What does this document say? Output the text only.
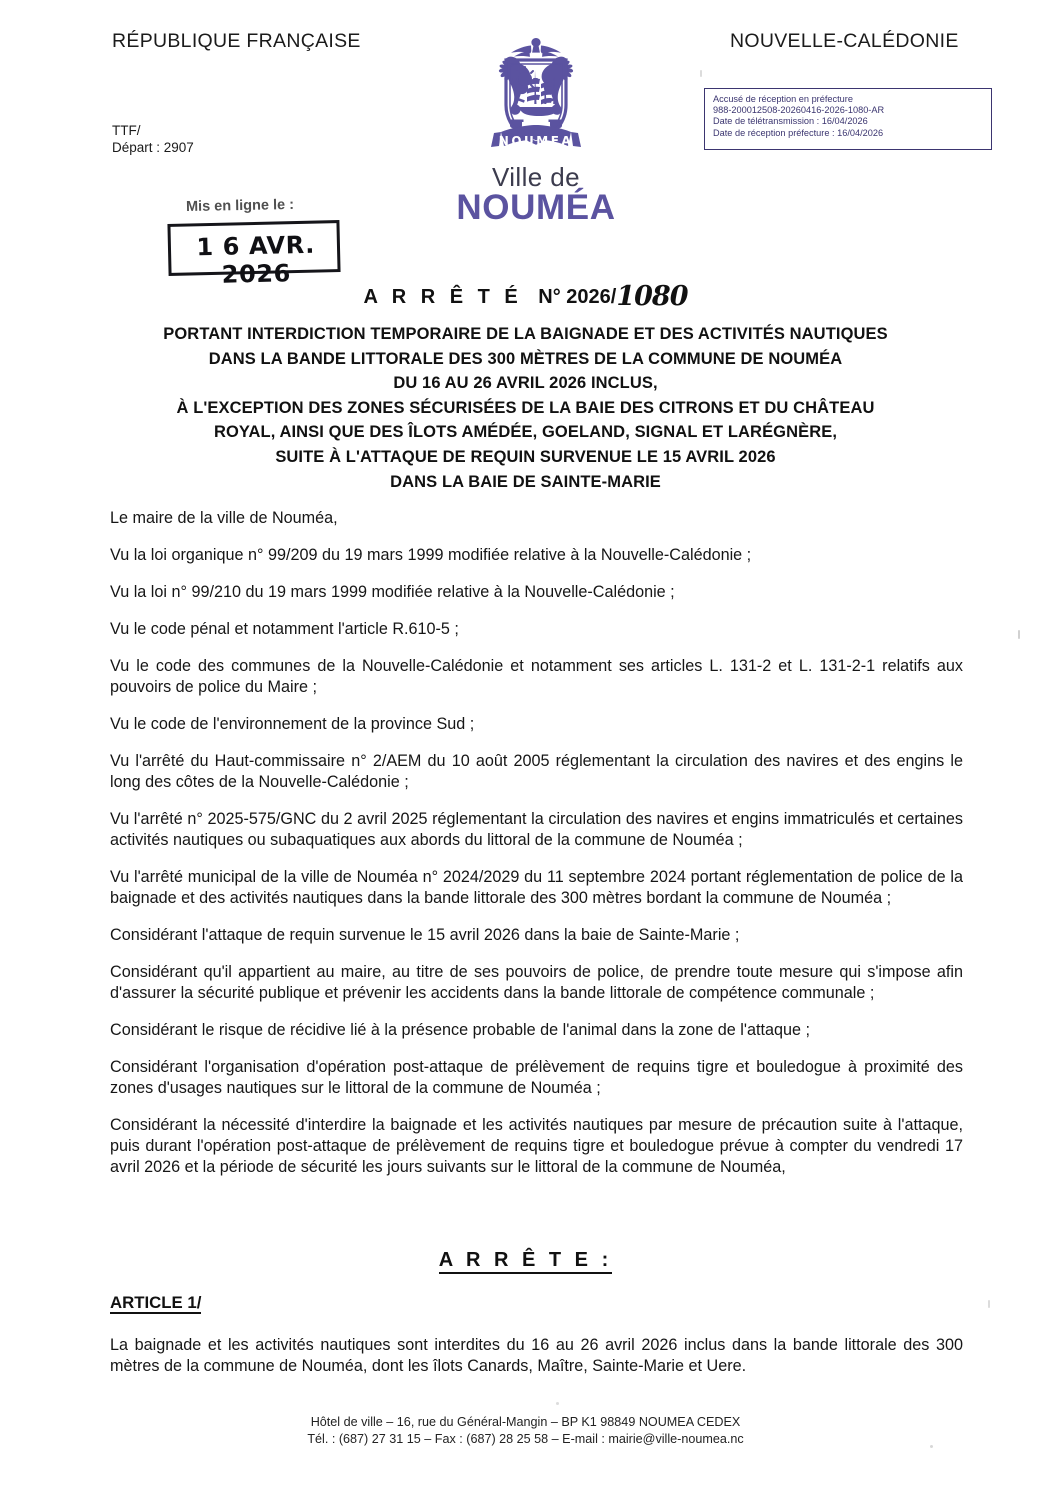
RÉPUBLIQUE FRANÇAISE	NOUVELLE-CALÉDONIE
TTF/
Départ : 2907
Accusé de réception en préfecture
988-200012508-20260416-2026-1080-AR
Date de télétransmission : 16/04/2026
Date de réception préfecture : 16/04/2026
NOUMEA
Ville de
NOUMÉA
Mis en ligne le :
1 6 AVR. 2026
A R R Ê T É N° 2026/1080
PORTANT INTERDICTION TEMPORAIRE DE LA BAIGNADE ET DES ACTIVITÉS NAUTIQUES
DANS LA BANDE LITTORALE DES 300 MÈTRES DE LA COMMUNE DE NOUMÉA
DU 16 AU 26 AVRIL 2026 INCLUS,
À L'EXCEPTION DES ZONES SÉCURISÉES DE LA BAIE DES CITRONS ET DU CHÂTEAU
ROYAL, AINSI QUE DES ÎLOTS AMÉDÉE, GOELAND, SIGNAL ET LARÉGNÈRE,
SUITE À L'ATTAQUE DE REQUIN SURVENUE LE 15 AVRIL 2026
DANS LA BAIE DE SAINTE-MARIE

Le maire de la ville de Nouméa,

Vu la loi organique n° 99/209 du 19 mars 1999 modifiée relative à la Nouvelle-Calédonie ;

Vu la loi n° 99/210 du 19 mars 1999 modifiée relative à la Nouvelle-Calédonie ;

Vu le code pénal et notamment l'article R.610-5 ;

Vu le code des communes de la Nouvelle-Calédonie et notamment ses articles L. 131-2 et L. 131-2-1 relatifs aux pouvoirs de police du Maire ;

Vu le code de l'environnement de la province Sud ;

Vu l'arrêté du Haut-commissaire n° 2/AEM du 10 août 2005 réglementant la circulation des navires et des engins le long des côtes de la Nouvelle-Calédonie ;

Vu l'arrêté n° 2025-575/GNC du 2 avril 2025 réglementant la circulation des navires et engins immatriculés et certaines activités nautiques ou subaquatiques aux abords du littoral de la commune de Nouméa ;

Vu l'arrêté municipal de la ville de Nouméa n° 2024/2029 du 11 septembre 2024 portant réglementation de police de la baignade et des activités nautiques dans la bande littorale des 300 mètres bordant la commune de Nouméa ;

Considérant l'attaque de requin survenue le 15 avril 2026 dans la baie de Sainte-Marie ;

Considérant qu'il appartient au maire, au titre de ses pouvoirs de police, de prendre toute mesure qui s'impose afin d'assurer la sécurité publique et prévenir les accidents dans la bande littorale de compétence communale ;

Considérant le risque de récidive lié à la présence probable de l'animal dans la zone de l'attaque ;

Considérant l'organisation d'opération post-attaque de prélèvement de requins tigre et bouledogue à proximité des zones d'usages nautiques sur le littoral de la commune de Nouméa ;

Considérant la nécessité d'interdire la baignade et les activités nautiques par mesure de précaution suite à l'attaque, puis durant l'opération post-attaque de prélèvement de requins tigre et bouledogue prévue à compter du vendredi 17 avril 2026 et la période de sécurité les jours suivants sur le littoral de la commune de Nouméa,

A R R Ê T E :
ARTICLE 1/
La baignade et les activités nautiques sont interdites du 16 au 26 avril 2026 inclus dans la bande littorale des 300 mètres de la commune de Nouméa, dont les îlots Canards, Maître, Sainte-Marie et Uere.
Hôtel de ville – 16, rue du Général-Mangin – BP K1 98849 NOUMEA CEDEX
Tél. : (687) 27 31 15 – Fax : (687) 28 25 58 – E-mail : mairie@ville-noumea.nc
